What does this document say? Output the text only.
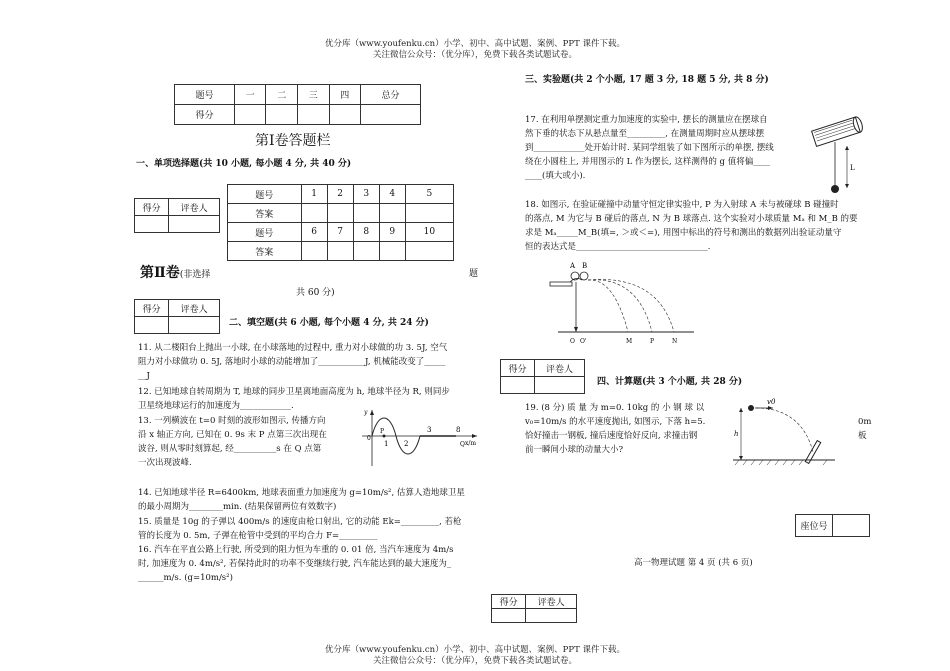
优分库（www.youfenku.cn）小学、初中、高中试题、案例、PPT 课件下载。
关注微信公众号：（优分库），免费下载各类试题试卷。
优分库（www.youfenku.cn）小学、初中、高中试题、案例、PPT 课件下载。
关注微信公众号：（优分库），免费下载各类试题试卷。
题号	一	二	三	四	总分
得分					
第Ⅰ卷答题栏
一、单项选择题(共 10 小题, 每小题 4 分, 共 40 分)
得分	评卷人

题号	1	2	3	4	5
答案					
题号	6	7	8	9	10
答案					
第Ⅱ卷(非选择	题
共 60 分)
得分	评卷人

二、填空题(共 6 小题, 每个小题 4 分, 共 24 分)
11. 从二楼阳台上抛出一小球, 在小球落地的过程中, 重力对小球做的功 3. 5J, 空气
阻力对小球做功 0. 5J, 落地时小球的动能增加了___________J, 机械能改变了_____
__J
12. 已知地球自转周期为 T, 地球的同步卫星离地面高度为 h, 地球半径为 R, 则同步
卫星绕地球运行的加速度为____________.
13. 一列横波在 t=0 时刻的波形如图示, 传播方向
沿 x 轴正方向, 已知在 0. 9s 末 P 点第三次出现在
波谷, 则从零时刻算起, 经__________s 在 Q 点第
一次出现波峰.
y
x/m
0
P
1 2
3	8
Q
14. 已知地球半径 R=6400km, 地球表面重力加速度为 g=10m/s², 估算人造地球卫星
的最小周期为________min. (结果保留两位有效数字)
15. 质量是 10g 的子弹以 400m/s 的速度由枪口射出, 它的动能 Ek=_________, 若枪
管的长度为 0. 5m, 子弹在枪管中受到的平均合力 F=_________
16. 汽车在平直公路上行驶, 所受到的阻力恒为车重的 0. 01 倍, 当汽车速度为 4m/s
时, 加速度为 0. 4m/s², 若保持此时的功率不变继续行驶, 汽车能达到的最大速度为_
______m/s. (g=10m/s²)
三、实验题(共 2 个小题, 17 题 3 分, 18 题 5 分, 共 8 分)
17. 在利用单摆测定重力加速度的实验中, 摆长的测量应在摆球自
然下垂的状态下从悬点量至_________, 在测量周期时应从摆球摆
到____________处开始计时. 某同学组装了如下图所示的单摆, 摆线
绕在小圆柱上, 并用图示的 L 作为摆长, 这样测得的 g 值将偏____
____(填大或小).
L
18. 如图示, 在验证碰撞中动量守恒定律实验中, P 为入射球 A 未与被碰球 B 碰撞时
的落点, M 为它与 B 碰后的落点, N 为 B 球落点. 这个实验对小球质量 Mₐ 和 M_B 的要
求是 Mₐ_____M_B(填=, ＞或＜=), 用图中标出的符号和测出的数据列出验证动量守
恒的表达式是_______________________________.
A B
O O'	M	P	N
得分	评卷人

四、计算题(共 3 个小题, 共 28 分)
19. (8 分) 质 量 为 m=0. 10kg 的 小 钢 球 以
v₀=10m/s 的水平速度抛出, 如图示, 下落 h=5.
恰好撞击一钢板, 撞后速度恰好反向, 求撞击钢
前一瞬间小球的动量大小?
0m
板
v0
h
座位号	
高一物理试题 第 4 页 (共 6 页)
得分	评卷人
